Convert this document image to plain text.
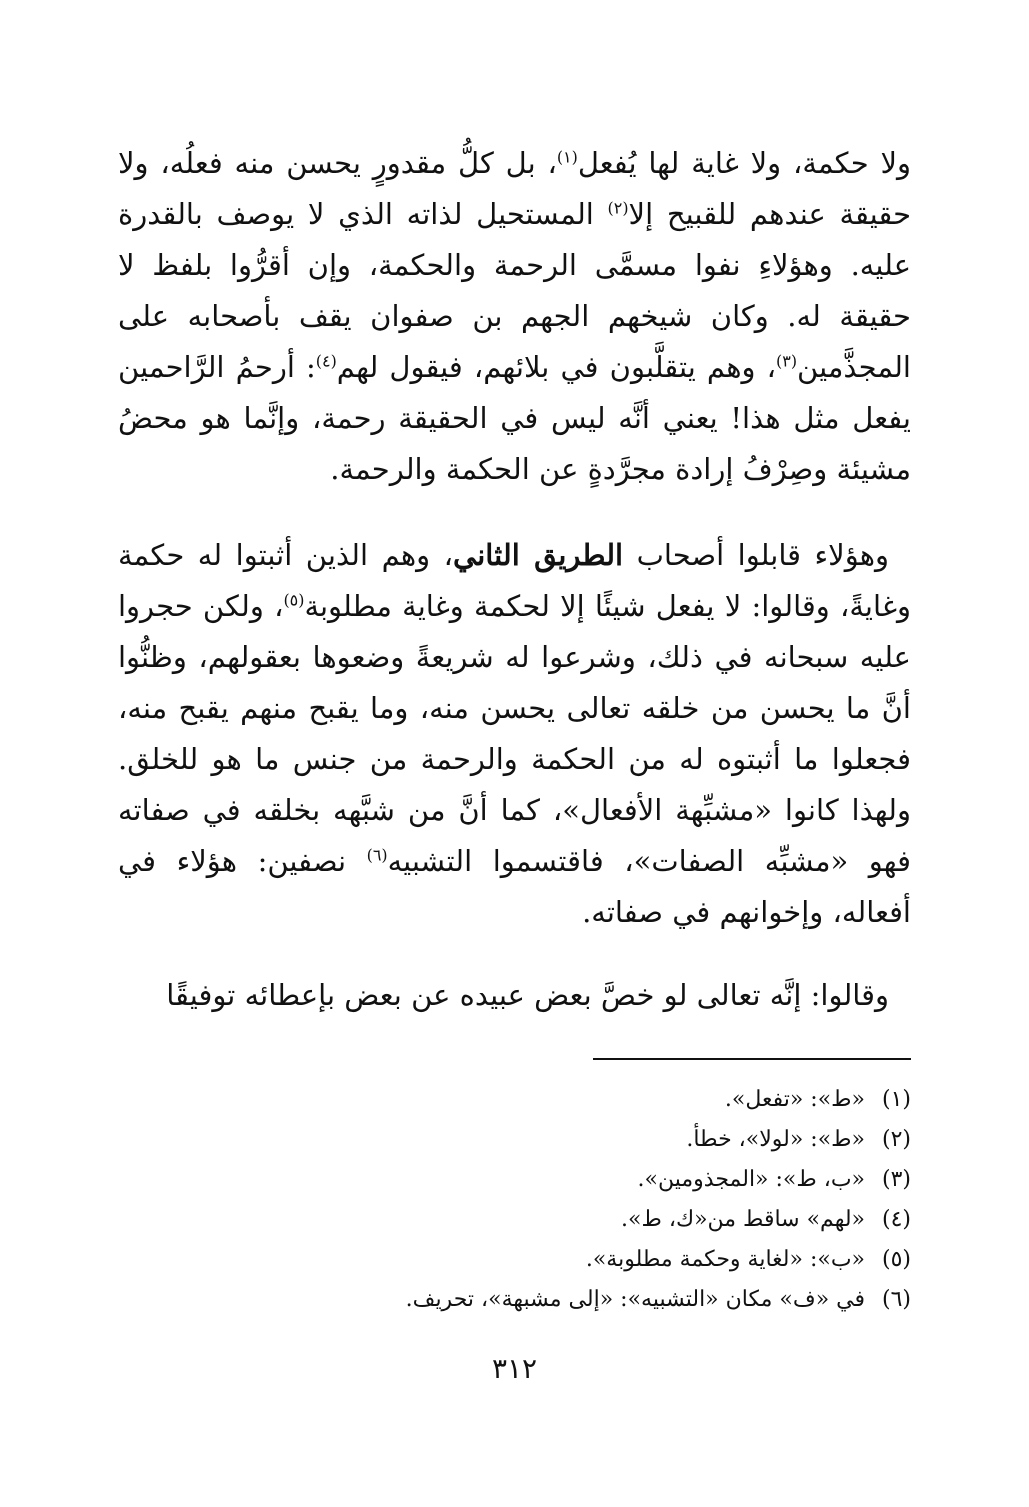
ولا حكمة، ولا غاية لها يُفعل$^{(١)}$، بل كلُّ مقدورٍ يحسن منه فعلُه، ولا حقيقة عندهم للقبيح إلا$^{(٢)}$ المستحيل لذاته الذي لا يوصف بالقدرة عليه. وهؤلاءِ نفوا مسمَّى الرحمة والحكمة، وإن أقرُّوا بلفظ لا حقيقة له. وكان شيخهم الجهم بن صفوان يقف بأصحابه على المجذَّمين$^{(٣)}$، وهم يتقلَّبون في بلائهم، فيقول لهم$^{(٤)}$: أرحمُ الرَّاحمين يفعل مثل هذا! يعني أنَّه ليس في الحقيقة رحمة، وإنَّما هو محضُ مشيئة وصِرْفُ إرادة مجرَّدةٍ عن الحكمة والرحمة.

وهؤلاء قابلوا أصحاب الطريق الثاني، وهم الذين أثبتوا له حكمة وغايةً، وقالوا: لا يفعل شيئًا إلا لحكمة وغاية مطلوبة$^{(٥)}$، ولكن حجروا عليه سبحانه في ذلك، وشرعوا له شريعةً وضعوها بعقولهم، وظنُّوا أنَّ ما يحسن من خلقه تعالى يحسن منه، وما يقبح منهم يقبح منه، فجعلوا ما أثبتوه له من الحكمة والرحمة من جنس ما هو للخلق. ولهذا كانوا «مشبِّهة الأفعال»، كما أنَّ من شبَّهه بخلقه في صفاته فهو «مشبِّه الصفات»، فاقتسموا التشبيه$^{(٦)}$ نصفين: هؤلاء في أفعاله، وإخوانهم في صفاته.

وقالوا: إنَّه تعالى لو خصَّ بعض عبيده عن بعض بإعطائه توفيقًا

(١)
«ط»: «تفعل».
(٢)
«ط»: «لولا»، خطأ.
(٣)
«ب، ط»: «المجذومين».
(٤)
«لهم» ساقط من«ك، ط».
(٥)
«ب»: «لغاية وحكمة مطلوبة».
(٦)
في «ف» مكان «التشبيه»: «إلى مشبهة»، تحريف.
٣١٢
